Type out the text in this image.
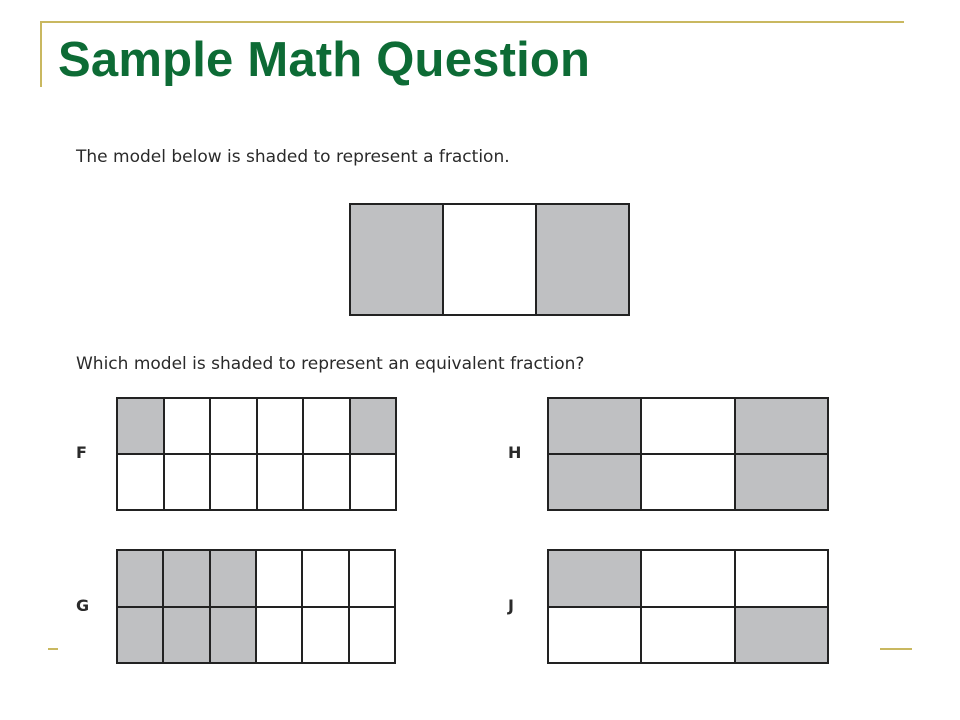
Sample Math Question

The model below is shaded to represent a fraction.

Which model is shaded to represent an equivalent fraction?

F	H

G	J
